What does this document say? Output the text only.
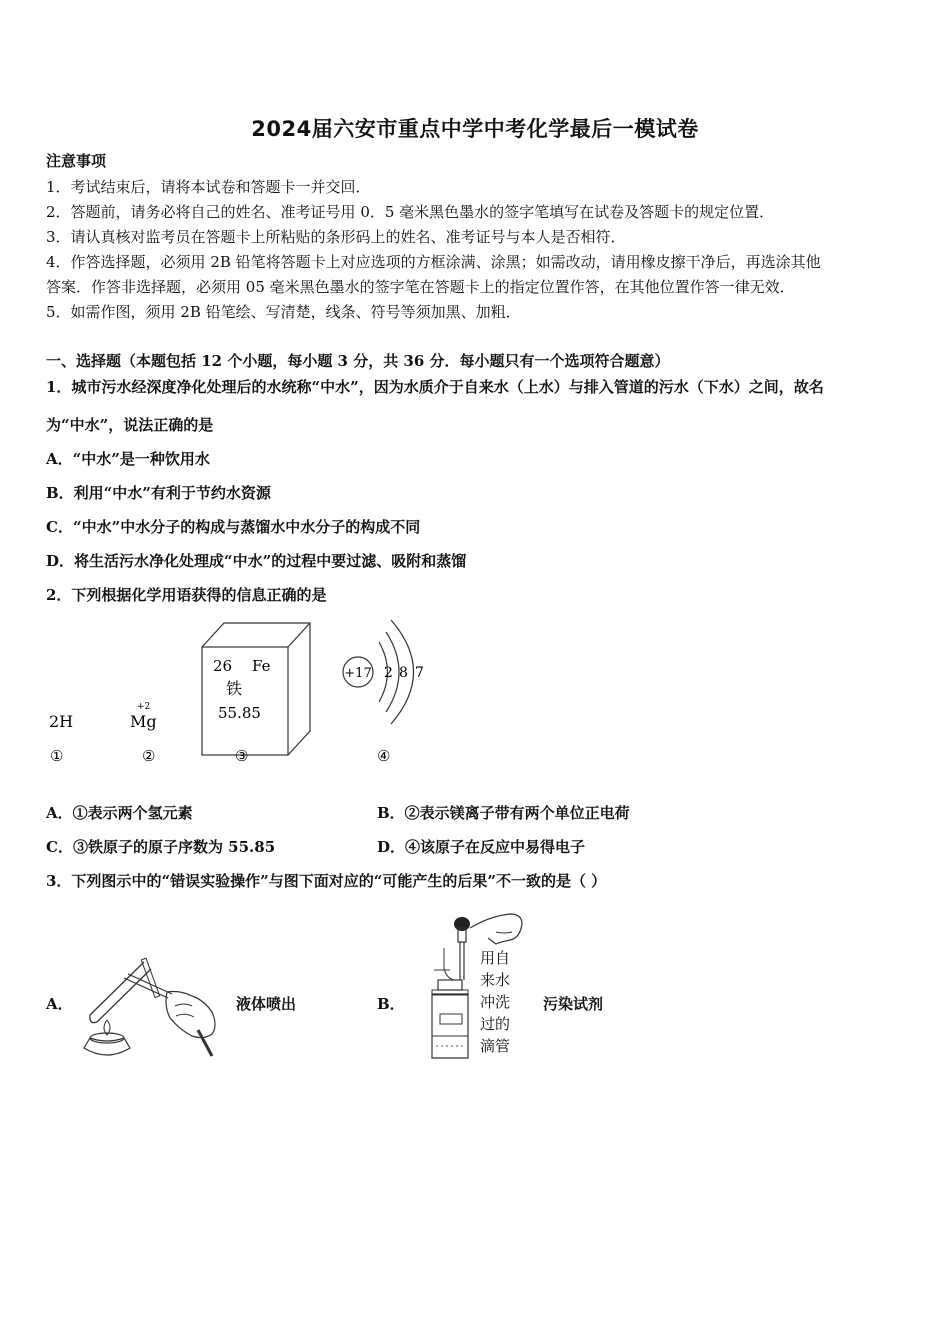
2024届六安市重点中学中考化学最后一模试卷
注意事项
1．考试结束后，请将本试卷和答题卡一并交回．
2．答题前，请务必将自己的姓名、准考证号用 0．5 毫米黑色墨水的签字笔填写在试卷及答题卡的规定位置．
3．请认真核对监考员在答题卡上所粘贴的条形码上的姓名、准考证号与本人是否相符．
4．作答选择题，必须用 2B 铅笔将答题卡上对应选项的方框涂满、涂黑；如需改动，请用橡皮擦干净后，再选涂其他
答案．作答非选择题，必须用 05 毫米黑色墨水的签字笔在答题卡上的指定位置作答，在其他位置作答一律无效．
5．如需作图，须用 2B 铅笔绘、写清楚，线条、符号等须加黑、加粗．
一、选择题（本题包括 12 个小题，每小题 3 分，共 36 分．每小题只有一个选项符合题意）
1．城市污水经深度净化处理后的水统称“中水”，因为水质介于自来水（上水）与排入管道的污水（下水）之间，故名
为“中水”，说法正确的是
A．“中水”是一种饮用水
B．利用“中水”有利于节约水资源
C．“中水”中水分子的构成与蒸馏水中水分子的构成不同
D．将生活污水净化处理成“中水”的过程中要过滤、吸附和蒸馏
2．下列根据化学用语获得的信息正确的是
2H
+2
Mg
26 Fe
铁
55.85
+17 2 8 7
①	②	③	④
A．①表示两个氢元素	B．②表示镁离子带有两个单位正电荷
C．③铁原子的原子序数为 55.85	D．④该原子在反应中易得电子
3．下列图示中的“错误实验操作”与图下面对应的“可能产生的后果”不一致的是（ ）
A．	液体喷出	B．
用自
来水
冲洗
过的
滴管
污染试剂
